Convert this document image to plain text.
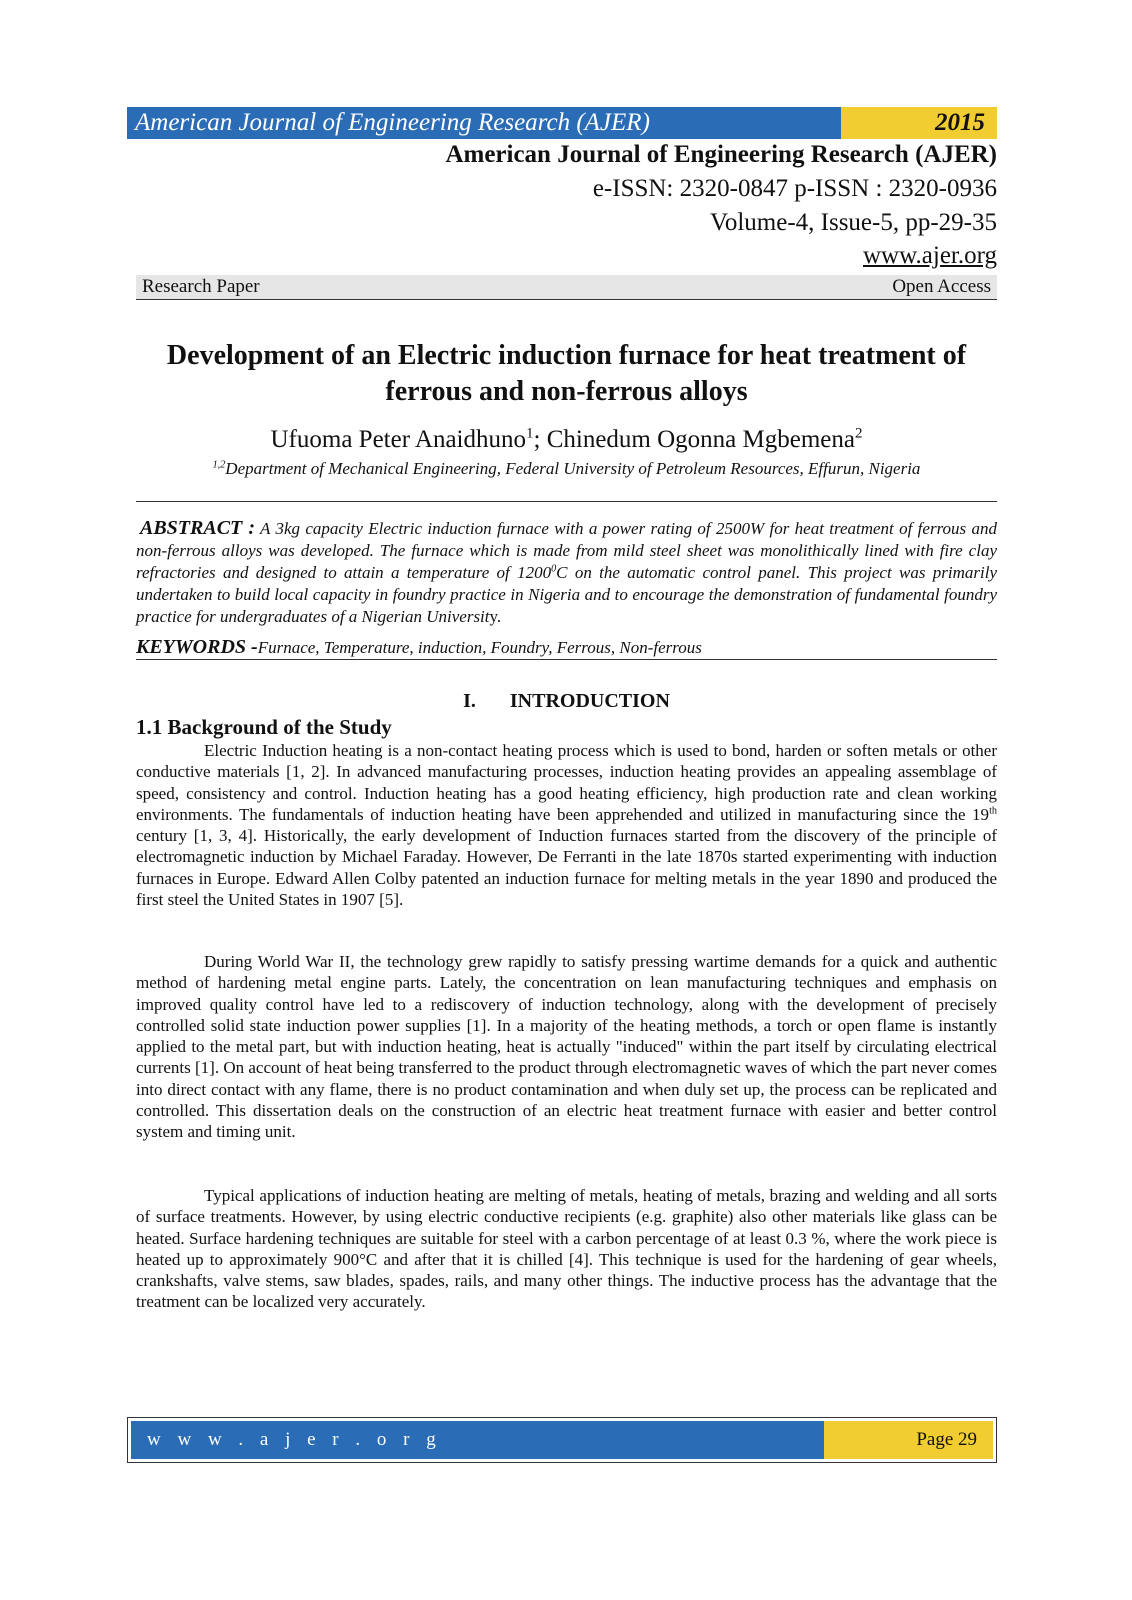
American Journal of Engineering Research (AJER)	2015
American Journal of Engineering Research (AJER)
e-ISSN: 2320-0847 p-ISSN : 2320-0936
Volume-4, Issue-5, pp-29-35
www.ajer.org
Research Paper	Open Access
Development of an Electric induction furnace for heat treatment of ferrous and non-ferrous alloys
Ufuoma Peter Anaidhuno$^1$; Chinedum Ogonna Mgbemena$^2$
$^{1,2}$Department of Mechanical Engineering, Federal University of Petroleum Resources, Effurun, Nigeria
ABSTRACT : A 3kg capacity Electric induction furnace with a power rating of 2500W for heat treatment of ferrous and non-ferrous alloys was developed. The furnace which is made from mild steel sheet was monolithically lined with fire clay refractories and designed to attain a temperature of 1200$^0$C on the automatic control panel. This project was primarily undertaken to build local capacity in foundry practice in Nigeria and to encourage the demonstration of fundamental foundry practice for undergraduates of a Nigerian University.
KEYWORDS -Furnace, Temperature, induction, Foundry, Ferrous, Non-ferrous
I. INTRODUCTION
1.1 Background of the Study

Electric Induction heating is a non-contact heating process which is used to bond, harden or soften metals or other conductive materials [1, 2]. In advanced manufacturing processes, induction heating provides an appealing assemblage of speed, consistency and control. Induction heating has a good heating efficiency, high production rate and clean working environments. The fundamentals of induction heating have been apprehended and utilized in manufacturing since the 19th century [1, 3, 4]. Historically, the early development of Induction furnaces started from the discovery of the principle of electromagnetic induction by Michael Faraday. However, De Ferranti in the late 1870s started experimenting with induction furnaces in Europe. Edward Allen Colby patented an induction furnace for melting metals in the year 1890 and produced the first steel the United States in 1907 [5].

During World War II, the technology grew rapidly to satisfy pressing wartime demands for a quick and authentic method of hardening metal engine parts. Lately, the concentration on lean manufacturing techniques and emphasis on improved quality control have led to a rediscovery of induction technology, along with the development of precisely controlled solid state induction power supplies [1]. In a majority of the heating methods, a torch or open flame is instantly applied to the metal part, but with induction heating, heat is actually "induced" within the part itself by circulating electrical currents [1]. On account of heat being transferred to the product through electromagnetic waves of which the part never comes into direct contact with any flame, there is no product contamination and when duly set up, the process can be replicated and controlled. This dissertation deals on the construction of an electric heat treatment furnace with easier and better control system and timing unit.

Typical applications of induction heating are melting of metals, heating of metals, brazing and welding and all sorts of surface treatments. However, by using electric conductive recipients (e.g. graphite) also other materials like glass can be heated. Surface hardening techniques are suitable for steel with a carbon percentage of at least 0.3 %, where the work piece is heated up to approximately 900°C and after that it is chilled [4]. This technique is used for the hardening of gear wheels, crankshafts, valve stems, saw blades, spades, rails, and many other things. The inductive process has the advantage that the treatment can be localized very accurately.

w w w . a j e r . o r g	Page 29
